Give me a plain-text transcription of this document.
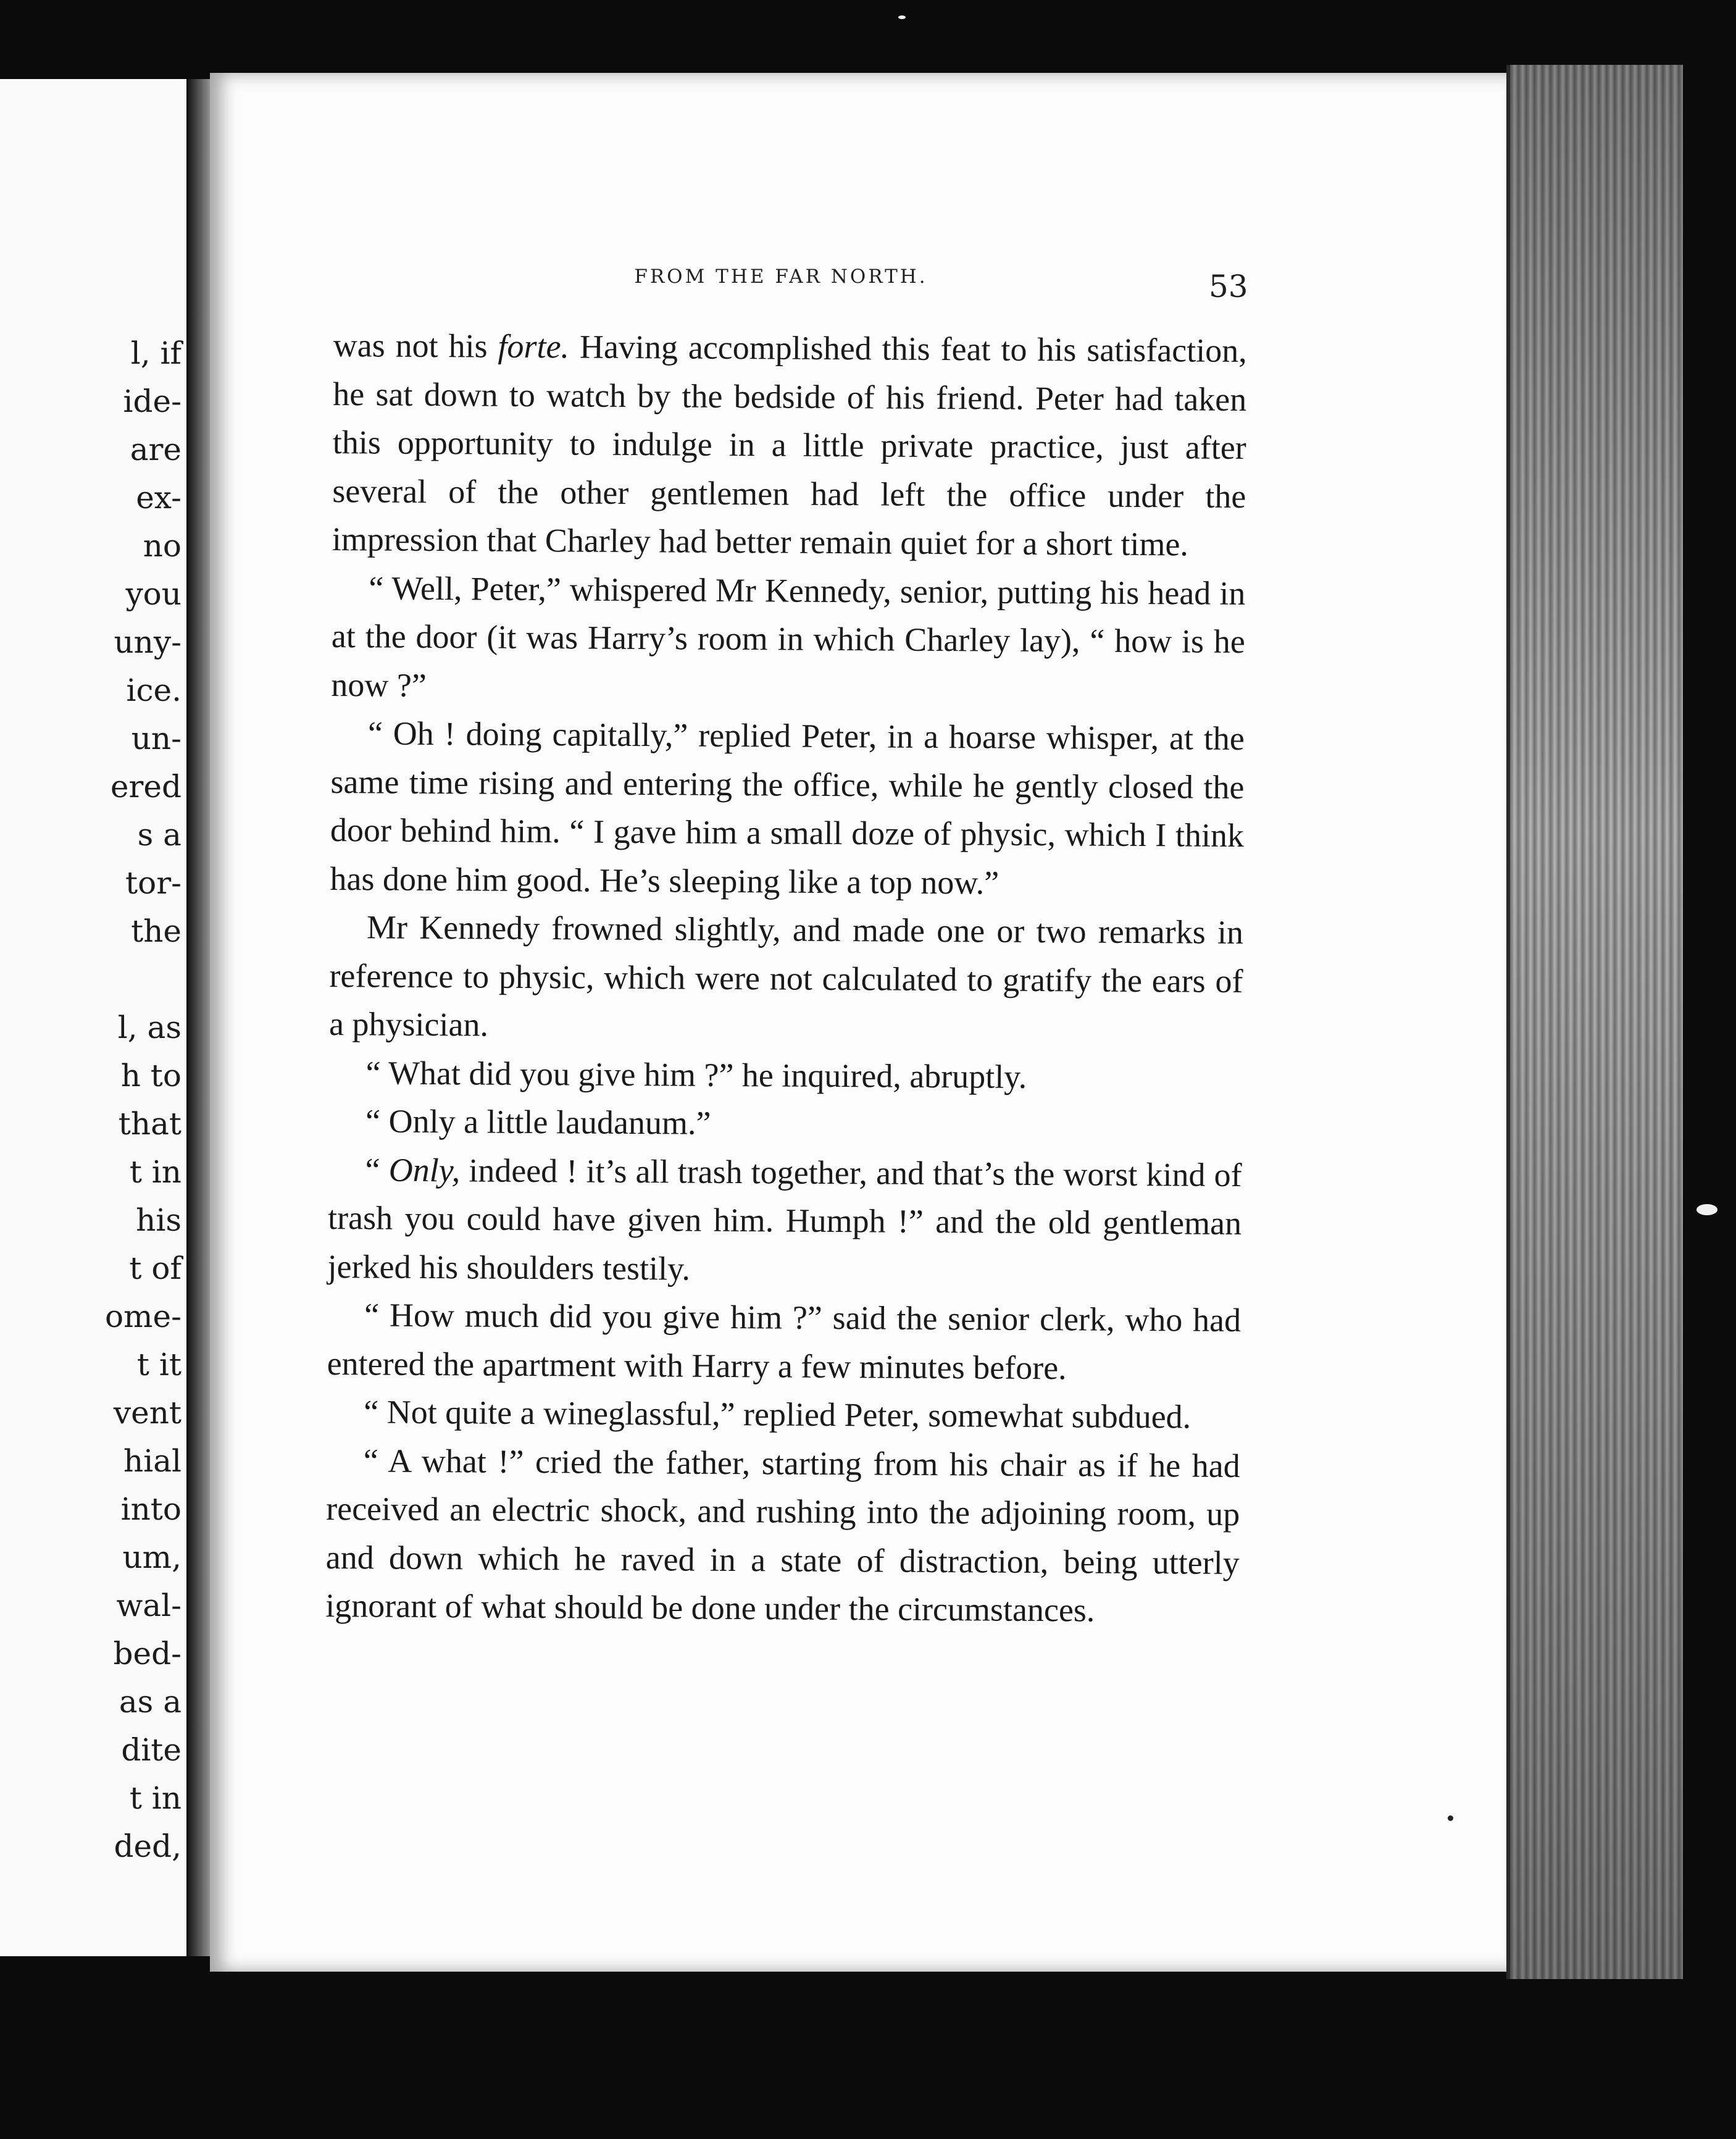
l, if
ide-
are
ex-
no
you
uny-
ice.
un-
ered
s a
tor-
the

l, as
h to
that
t in
his
t of
ome-
t it
vent
hial
into
um,
wal-
bed-
as a
dite
t in
ded,
FROM THE FAR NORTH.	53

was not his forte. Having accomplished this feat to his satisfaction, he sat down to watch by the bedside of his friend. Peter had taken this opportunity to indulge in a little private practice, just after several of the other gentlemen had left the office under the impression that Charley had better remain quiet for a short time.

“ Well, Peter,” whispered Mr Kennedy, senior, putting his head in at the door (it was Harry’s room in which Charley lay), “ how is he now ?”

“ Oh ! doing capitally,” replied Peter, in a hoarse whisper, at the same time rising and entering the office, while he gently closed the door behind him. “ I gave him a small doze of physic, which I think has done him good. He’s sleeping like a top now.”

Mr Kennedy frowned slightly, and made one or two remarks in reference to physic, which were not calculated to gratify the ears of a physician.

“ What did you give him ?” he inquired, abruptly.

“ Only a little laudanum.”

“ Only, indeed ! it’s all trash together, and that’s the worst kind of trash you could have given him. Humph !” and the old gentleman jerked his shoulders testily.

“ How much did you give him ?” said the senior clerk, who had entered the apartment with Harry a few minutes before.

“ Not quite a wineglassful,” replied Peter, somewhat subdued.

“ A what !” cried the father, starting from his chair as if he had received an electric shock, and rushing into the adjoining room, up and down which he raved in a state of distraction, being utterly ignorant of what should be done under the circumstances.
